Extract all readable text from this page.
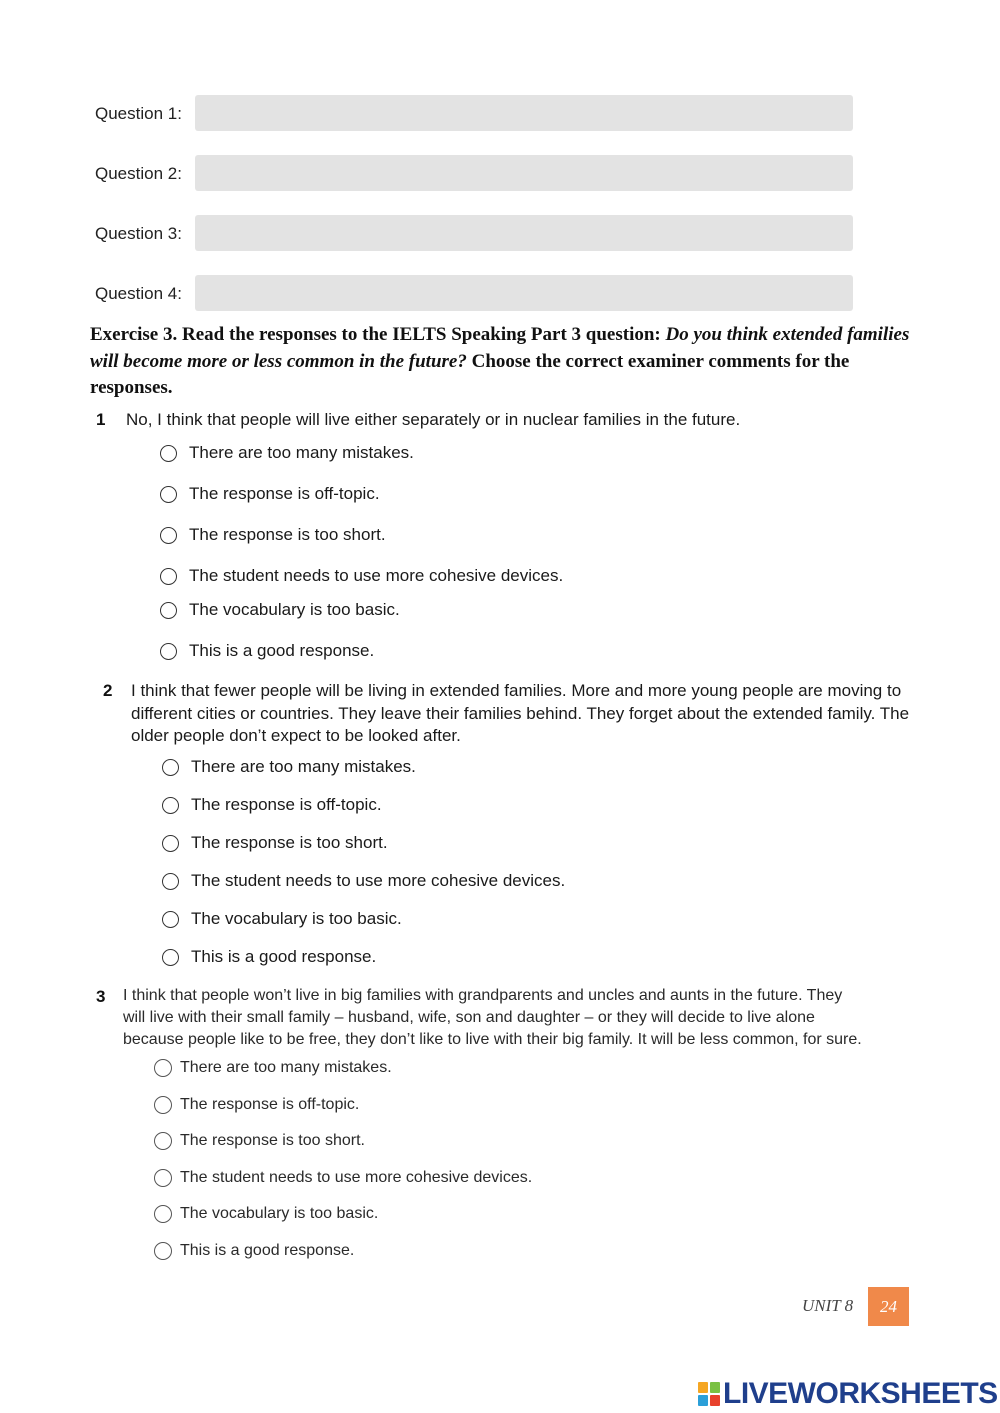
Question 1:
Question 2:
Question 3:
Question 4:
Exercise 3. Read the responses to the IELTS Speaking Part 3 question: Do you think extended families will become more or less common in the future? Choose the correct examiner comments for the responses.
1 No, I think that people will live either separately or in nuclear families in the future.
There are too many mistakes.
The response is off-topic.
The response is too short.
The student needs to use more cohesive devices.
The vocabulary is too basic.
This is a good response.
2 I think that fewer people will be living in extended families. More and more young people are moving to
different cities or countries. They leave their families behind. They forget about the extended family. The
older people don’t expect to be looked after.
There are too many mistakes.
The response is off-topic.
The response is too short.
The student needs to use more cohesive devices.
The vocabulary is too basic.
This is a good response.
3 I think that people won’t live in big families with grandparents and uncles and aunts in the future. They
will live with their small family – husband, wife, son and daughter – or they will decide to live alone
because people like to be free, they don’t like to live with their big family. It will be less common, for sure.
There are too many mistakes.
The response is off-topic.
The response is too short.
The student needs to use more cohesive devices.
The vocabulary is too basic.
This is a good response.
UNIT 8	24
LIVEWORKSHEETS
